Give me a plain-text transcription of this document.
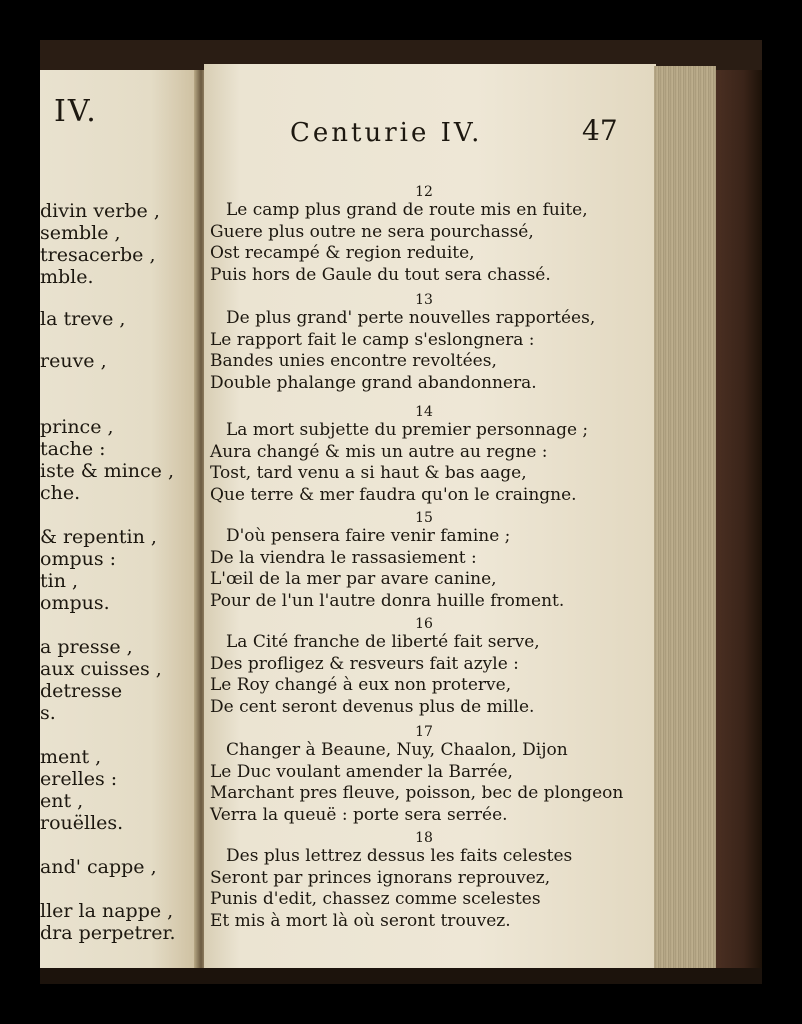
IV.
divin verbe ,
semble ,
tresacerbe ,
mble.
la treve ,
reuve ,
prince ,
tache :
iste & mince ,
che.
& repentin ,
ompus :
tin ,
ompus.
a presse ,
aux cuisses ,
detresse
s.
ment ,
erelles :
ent ,
rouëlles.
and' cappe ,
ller la nappe ,
dra perpetrer.
Centurie IV.	47
12
Le camp plus grand de route mis en fuite,
Guere plus outre ne sera pourchassé,
Ost recampé & region reduite,
Puis hors de Gaule du tout sera chassé.
13
De plus grand' perte nouvelles rapportées,
Le rapport fait le camp s'eslongnera :
Bandes unies encontre revoltées,
Double phalange grand abandonnera.
14
La mort subjette du premier personnage ;
Aura changé & mis un autre au regne :
Tost, tard venu a si haut & bas aage,
Que terre & mer faudra qu'on le craingne.
15
D'où pensera faire venir famine ;
De la viendra le rassasiement :
L'œil de la mer par avare canine,
Pour de l'un l'autre donra huille froment.
16
La Cité franche de liberté fait serve,
Des profligez & resveurs fait azyle :
Le Roy changé à eux non proterve,
De cent seront devenus plus de mille.
17
Changer à Beaune, Nuy, Chaalon, Dijon
Le Duc voulant amender la Barrée,
Marchant pres fleuve, poisson, bec de plongeon
Verra la queuë : porte sera serrée.
18
Des plus lettrez dessus les faits celestes
Seront par princes ignorans reprouvez,
Punis d'edit, chassez comme scelestes
Et mis à mort là où seront trouvez.
